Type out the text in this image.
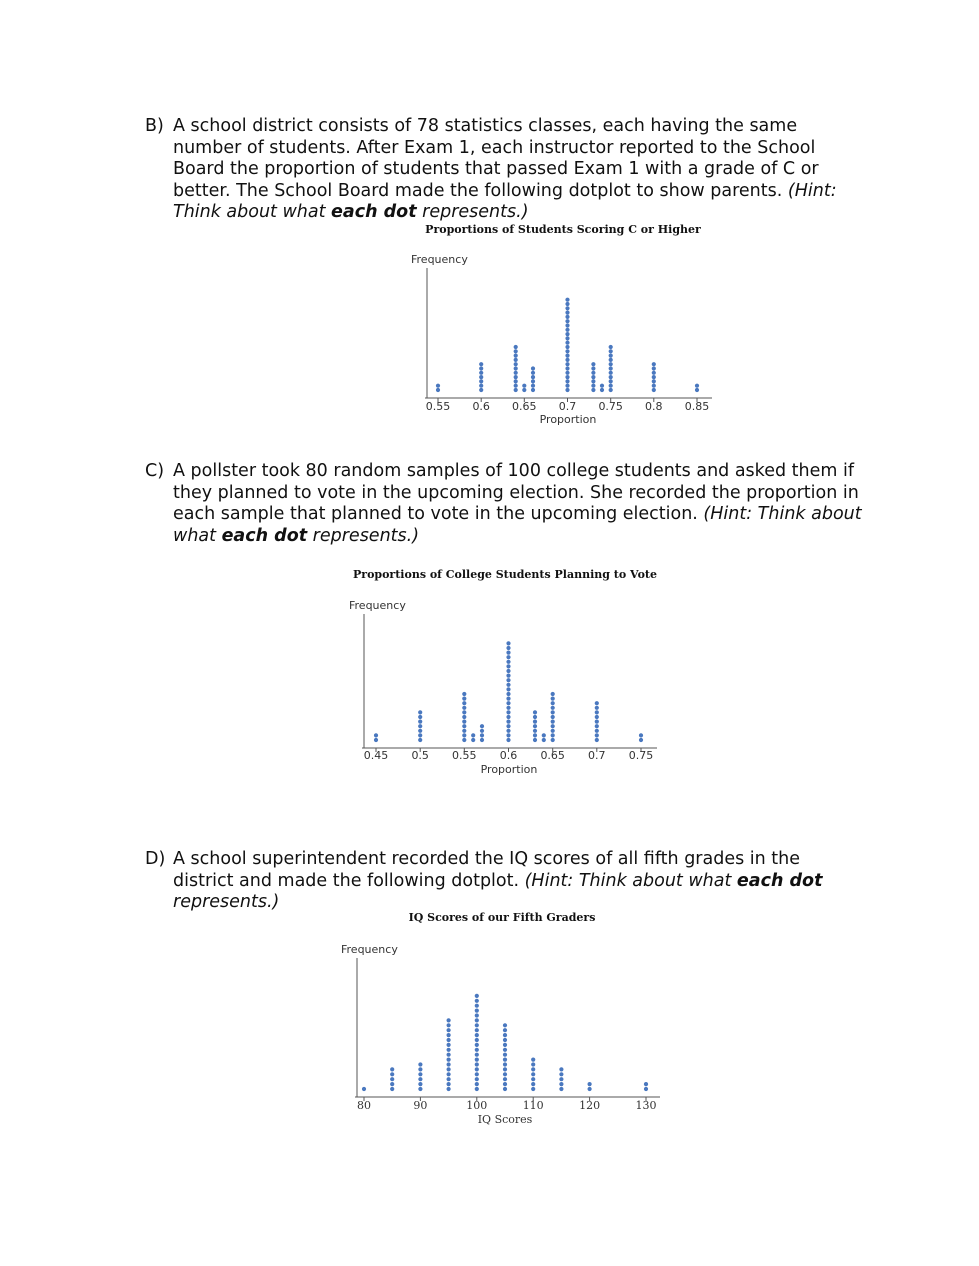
B) A school district consists of 78 statistics classes, each having the same number of students. After Exam 1, each instructor reported to the School Board the proportion of students that passed Exam 1 with a grade of C or better. The School Board made the following dotplot to show parents. (Hint: Think about what each dot represents.)
C) A pollster took 80 random samples of 100 college students and asked them if they planned to vote in the upcoming election. She recorded the proportion in each sample that planned to vote in the upcoming election. (Hint: Think about what each dot represents.)
D) A school superintendent recorded the IQ scores of all fifth grades in the district and made the following dotplot. (Hint: Think about what each dot represents.)
Proportions of Students Scoring C or Higher
Frequency
0.55 0.6 0.65 0.7 0.75 0.8 0.85
Proportion
Proportions of College Students Planning to Vote
Frequency
0.45 0.5 0.55 0.6 0.65 0.7 0.75
Proportion
IQ Scores of our Fifth Graders
Frequency
80	90	100	110	120	130
IQ Scores
